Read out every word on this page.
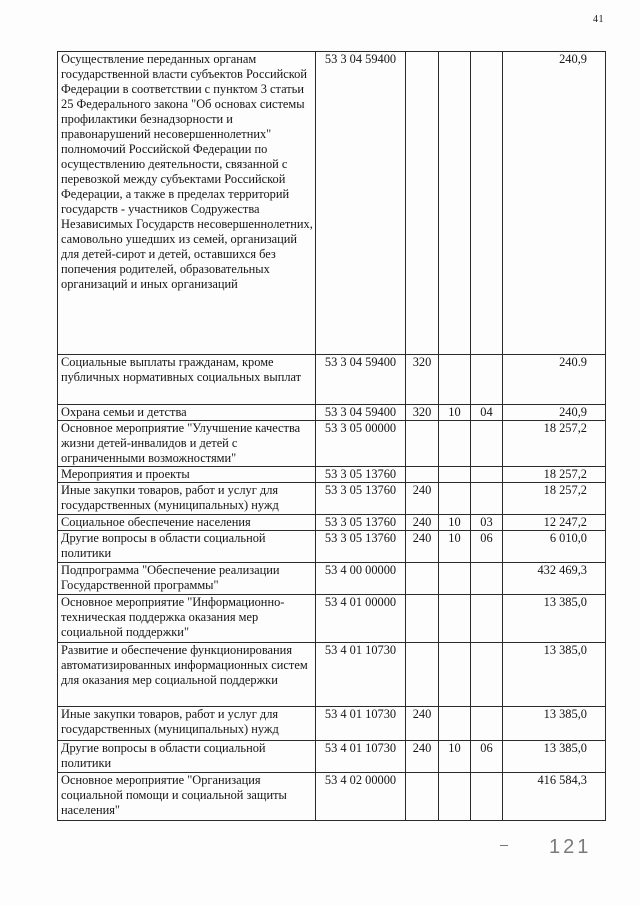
41
Осуществление переданных органам государственной власти субъектов Российской Федерации в соответствии с пунктом 3 статьи 25 Федерального закона "Об основах системы профилактики безнадзорности и правонарушений несовершеннолетних" полномочий Российской Федерации по осуществлению деятельности, связанной с перевозкой между субъектами Российской Федерации, а также в пределах территорий государств - участников Содружества Независимых Государств несовершеннолетних, самовольно ушедших из семей, организаций для детей-сирот и детей, оставшихся без попечения родителей, образовательных организаций и иных организаций	53 3 04 59400				240,9
Социальные выплаты гражданам, кроме публичных нормативных социальных выплат	53 3 04 59400	320			240.9
Охрана семьи и детства	53 3 04 59400	320	10	04	240,9
Основное мероприятие "Улучшение качества жизни детей-инвалидов и детей с ограниченными возможностями"	53 3 05 00000				18 257,2
Мероприятия и проекты	53 3 05 13760				18 257,2
Иные закупки товаров, работ и услуг для государственных (муниципальных) нужд	53 3 05 13760	240			18 257,2
Социальное обеспечение населения	53 3 05 13760	240	10	03	12 247,2
Другие вопросы в области социальной политики	53 3 05 13760	240	10	06	6 010,0
Подпрограмма "Обеспечение реализации Государственной программы"	53 4 00 00000				432 469,3
Основное мероприятие "Информационно-техническая поддержка оказания мер социальной поддержки"	53 4 01 00000				13 385,0
Развитие и обеспечение функционирования автоматизированных информационных систем для оказания мер социальной поддержки	53 4 01 10730				13 385,0
Иные закупки товаров, работ и услуг для государственных (муниципальных) нужд	53 4 01 10730	240			13 385,0
Другие вопросы в области социальной политики	53 4 01 10730	240	10	06	13 385,0
Основное мероприятие "Организация социальной помощи и социальной защиты населения"	53 4 02 00000				416 584,3
121
